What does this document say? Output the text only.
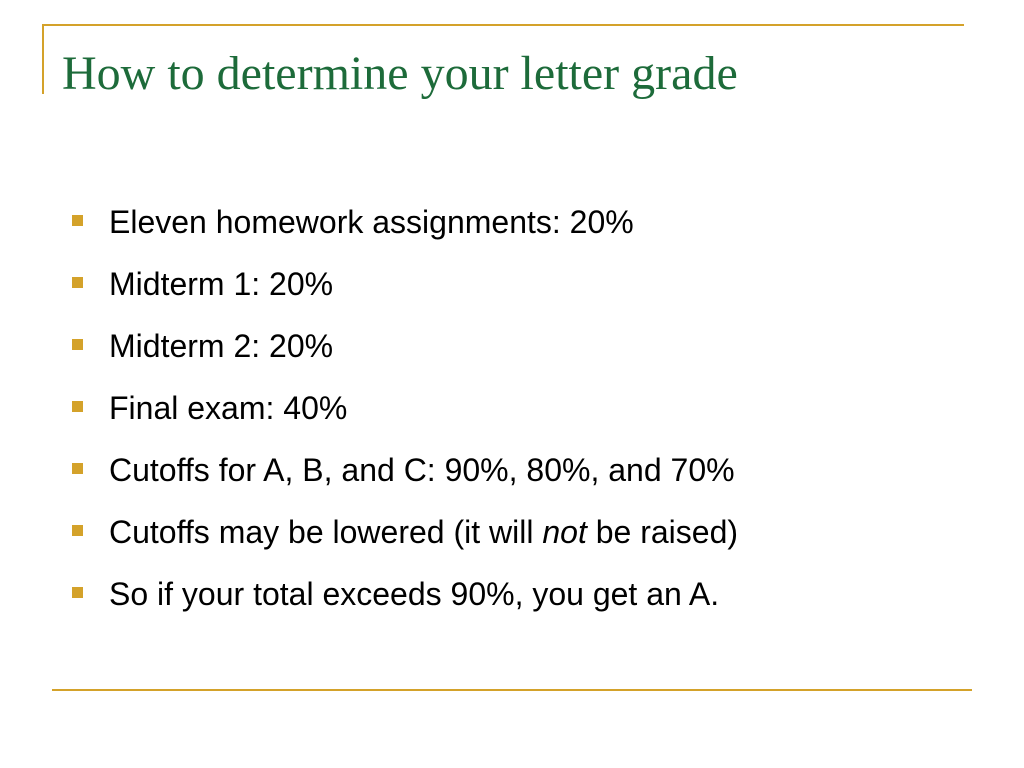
How to determine your letter grade
Eleven homework assignments: 20%
Midterm 1: 20%
Midterm 2: 20%
Final exam: 40%
Cutoffs for A, B, and C: 90%, 80%, and 70%
Cutoffs may be lowered (it will not be raised)
So if your total exceeds 90%, you get an A.
